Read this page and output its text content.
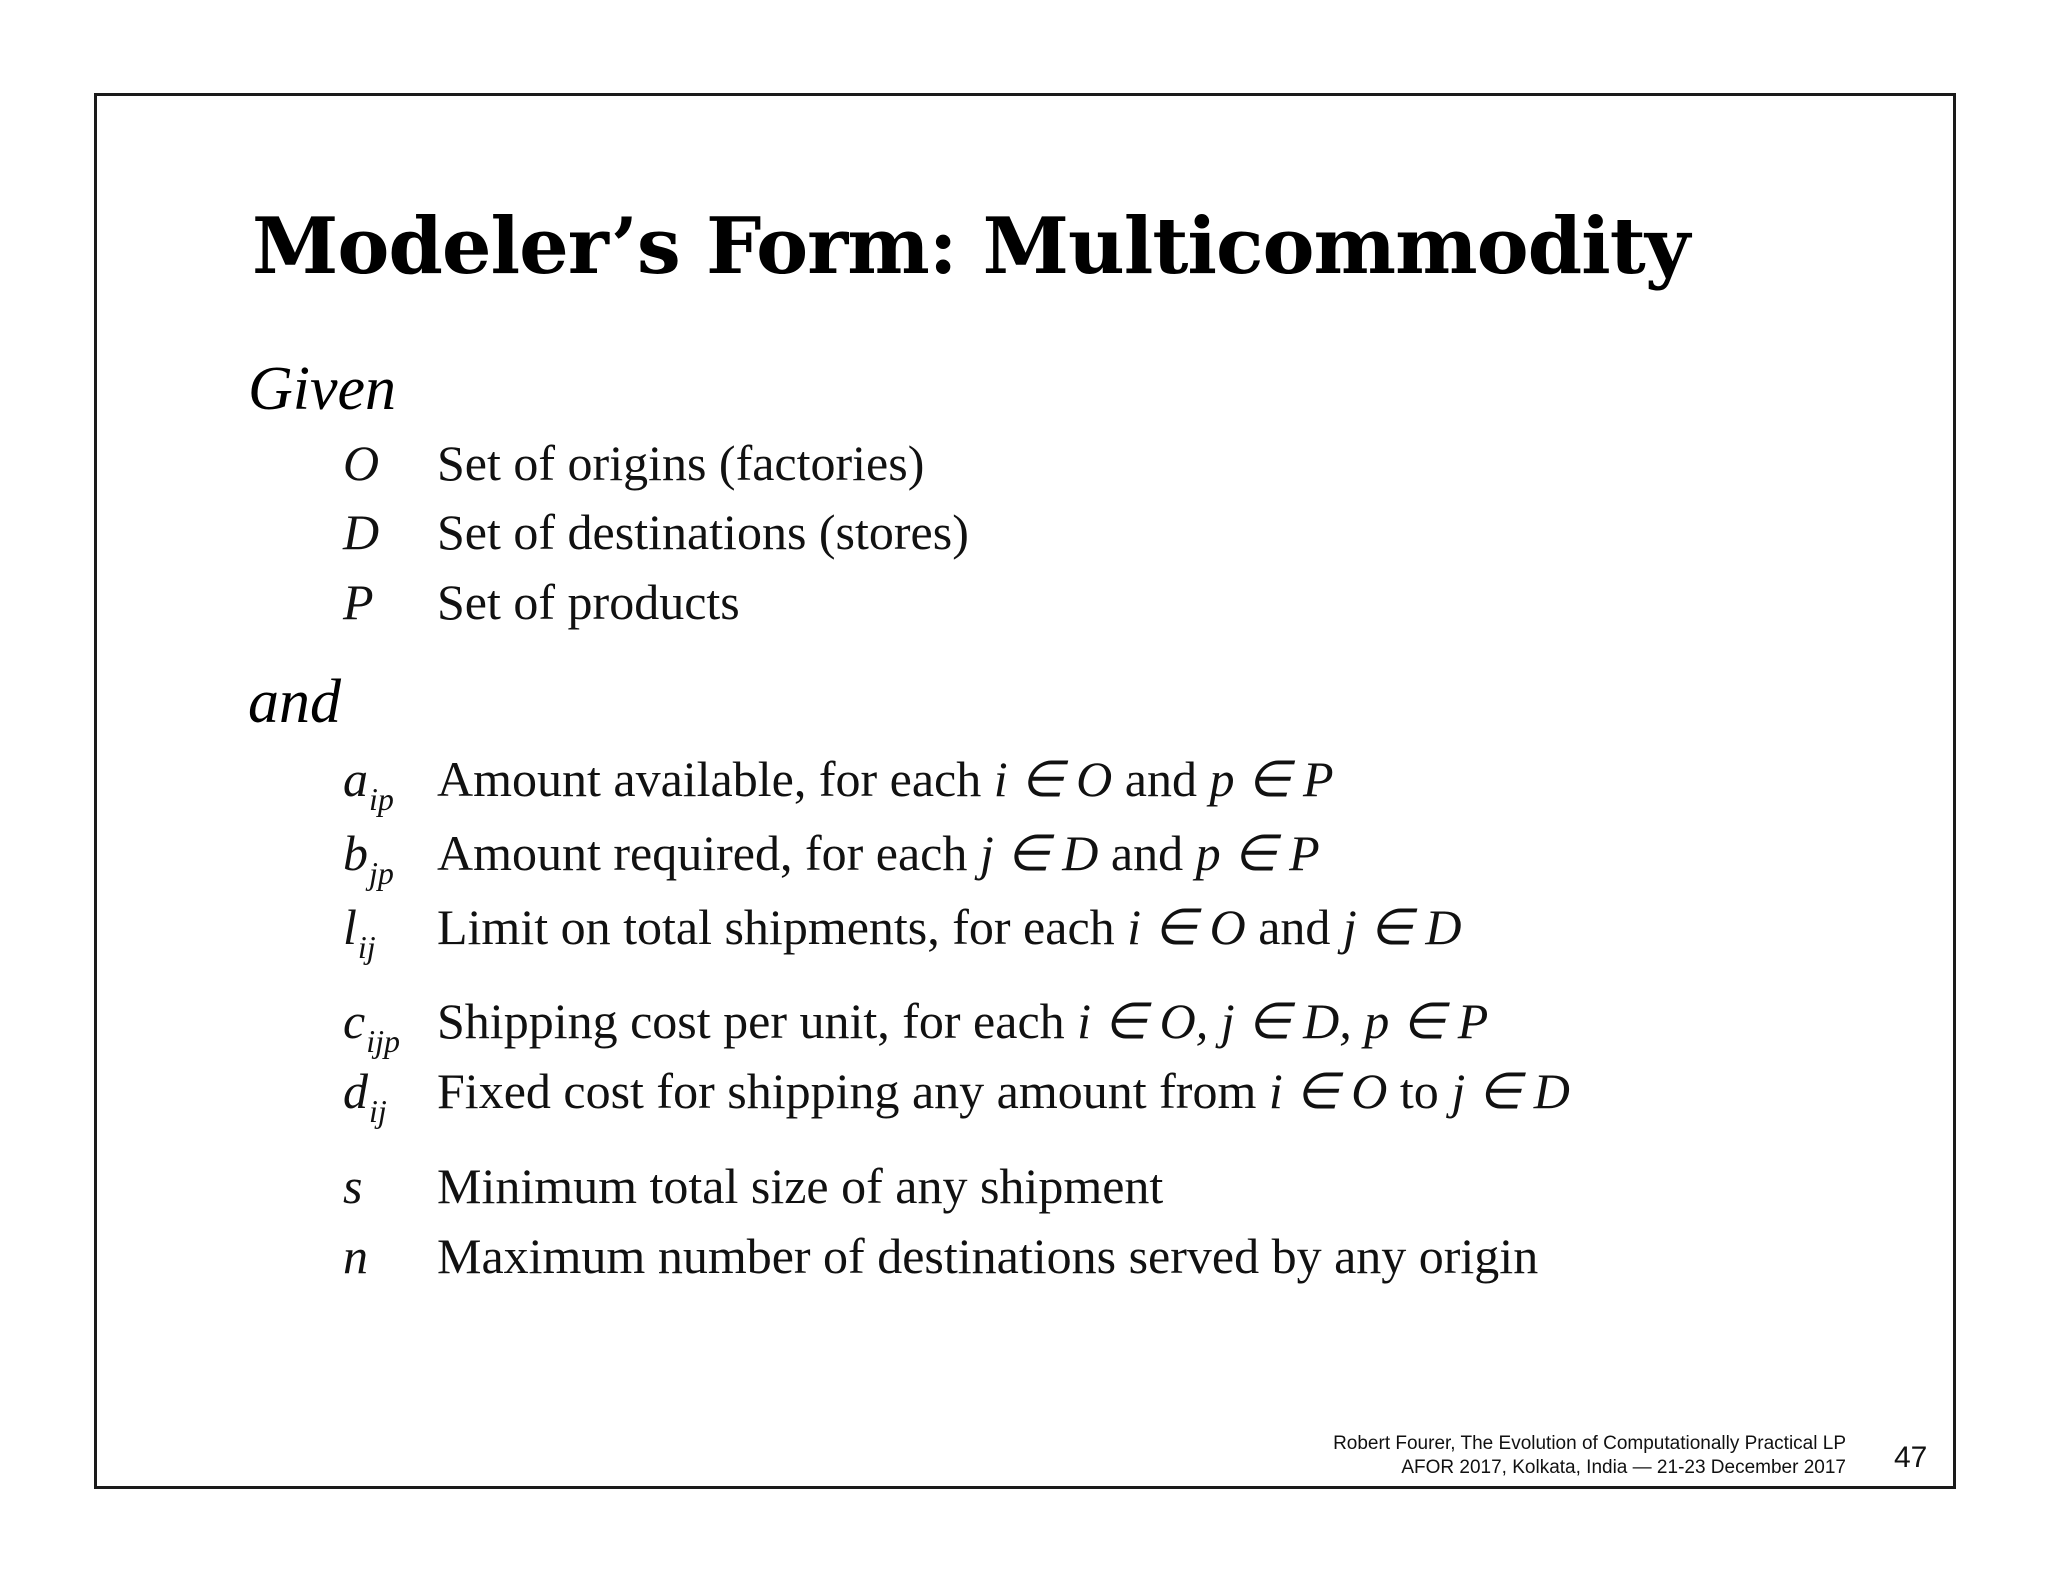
Modeler’s Form: Multicommodity
Given
O Set of origins (factories)
D Set of destinations (stores)
P Set of products
and
$a_{ip}$ Amount available, for each i ∈ O and p ∈ P
$b_{jp}$ Amount required, for each j ∈ D and p ∈ P
$l_{ij}$ Limit on total shipments, for each i ∈ O and j ∈ D
$c_{ijp}$ Shipping cost per unit, for each i ∈ O, j ∈ D, p ∈ P
$d_{ij}$ Fixed cost for shipping any amount from i ∈ O to j ∈ D
s Minimum total size of any shipment
n Maximum number of destinations served by any origin
Robert Fourer, The Evolution of Computationally Practical LP
AFOR 2017, Kolkata, India — 21-23 December 2017 47
